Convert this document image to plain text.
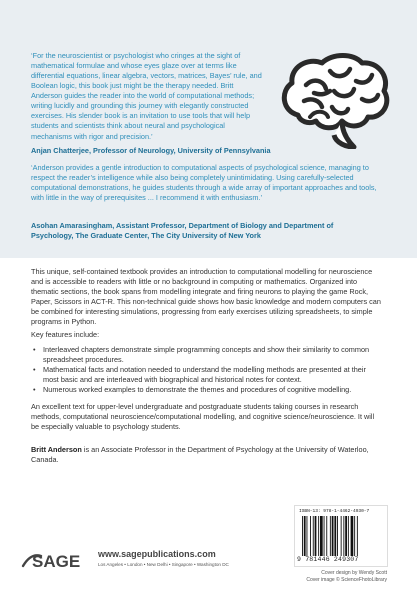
‘For the neuroscientist or psychologist who cringes at the sight of mathematical formulae and whose eyes glaze over at terms like differential equations, linear algebra, vectors, matrices, Bayes’ rule, and Boolean logic, this book just might be the therapy needed. Britt Anderson guides the reader into the world of computational methods; writing lucidly and grounding this journey with elegantly constructed exercises. His slender book is an invitation to use tools that will help students and scientists think about neural and psychological mechanisms with rigor and precision.’
Anjan Chatterjee, Professor of Neurology, University of Pennsylvania
‘Anderson provides a gentle introduction to computational aspects of psychological science, managing to respect the reader’s intelligence while also being completely unintimidating. Using carefully-selected computational demonstrations, he guides students through a wide array of important approaches and tools, with little in the way of prerequisites ... I recommend it with enthusiasm.’
Asohan Amarasingham, Assistant Professor, Department of Biology and Department of Psychology, The Graduate Center, The City University of New York
This unique, self-contained textbook provides an introduction to computational modelling for neuroscience and is accessible to readers with little or no background in computing or mathematics. Organized into thematic sections, the book spans from modelling integrate and firing neurons to playing the game Rock, Paper, Scissors in ACT-R. This non-technical guide shows how basic knowledge and modern computers can be combined for interesting simulations, progressing from early exercises utilizing spreadsheets, to simple programs in Python.
Key features include:
• Interleaved chapters demonstrate simple programming concepts and show their similarity to common spreadsheet procedures.
• Mathematical facts and notation needed to understand the modelling methods are presented at their most basic and are interleaved with biographical and historical notes for context.
• Numerous worked examples to demonstrate the themes and procedures of cognitive modelling.
An excellent text for upper-level undergraduate and postgraduate students taking courses in research methods, computational neuroscience/computational modelling, and cognitive science/neuroscience. It will be especially valuable to psychology students.
Britt Anderson is an Associate Professor in the Department of Psychology at the University of Waterloo, Canada.
SAGE www.sagepublications.com
Los Angeles • London • New Delhi • Singapore • Washington DC
ISBN-13: 978-1-4462-4930-7
9 781446 249307
Cover design by Wendy Scott
Cover image © ScienceFhotoLibrary
